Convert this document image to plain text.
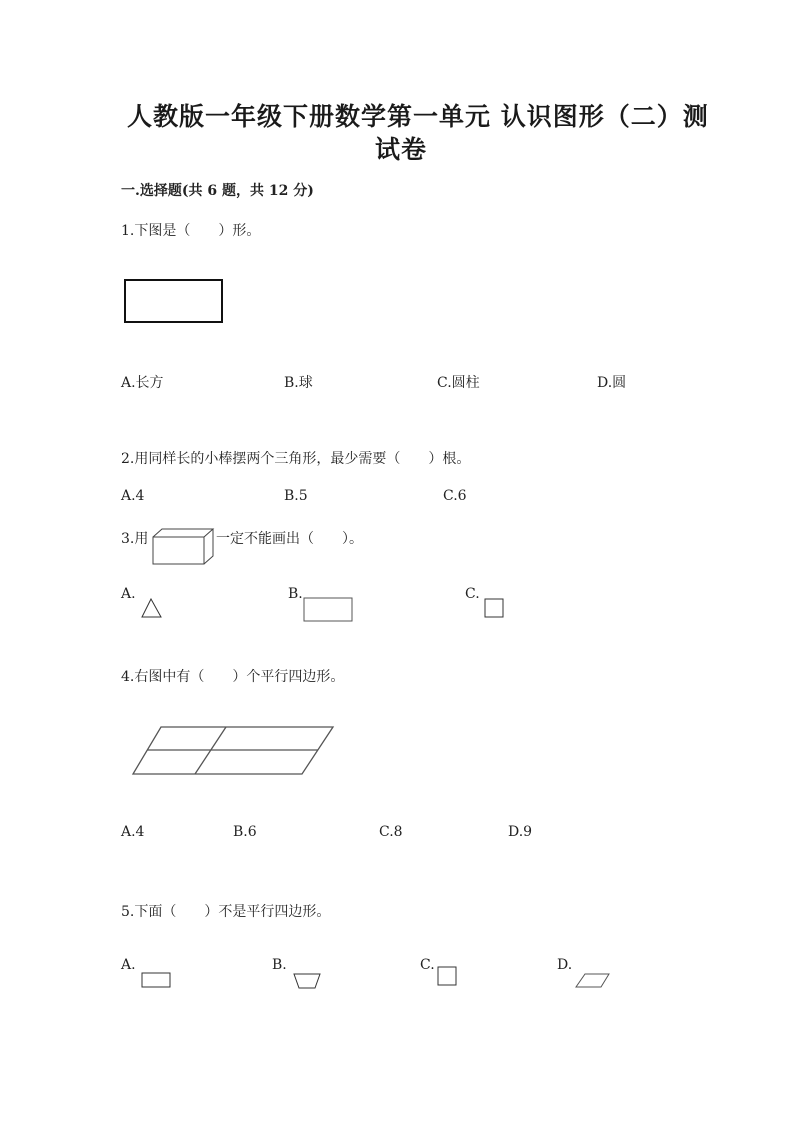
人教版一年级下册数学第一单元 认识图形（二）测
试卷
一.选择题(共 6 题，共 12 分)
1.下图是（　　）形。
A.长方	B.球	C.圆柱	D.圆
2.用同样长的小棒摆两个三角形，最少需要（　　）根。
A.4	B.5	C.6
3.用	一定不能画出（　　）。
A.	B.	C.
4.右图中有（　　）个平行四边形。
A.4	B.6	C.8	D.9
5.下面（　　）不是平行四边形。
A.	B.	C.	D.
